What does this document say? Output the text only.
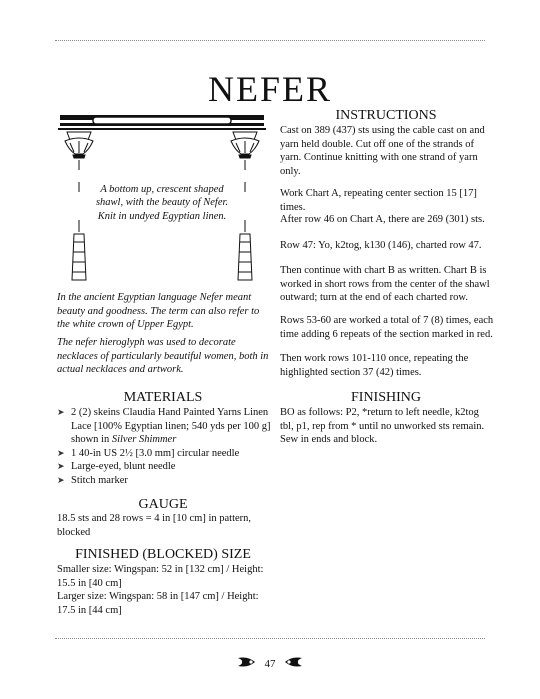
NEFER

A bottom up, crescent shaped shawl, with the beauty of Nefer. Knit in undyed Egyptian linen.

In the ancient Egyptian language Nefer meant beauty and goodness. The term can also refer to the white crown of Upper Egypt.

The nefer hieroglyph was used to decorate necklaces of particularly beautiful women, both in actual necklaces and artwork.

MATERIALS
➤ 2 (2) skeins Claudia Hand Painted Yarns Linen Lace [100% Egyptian linen; 540 yds per 100 g] shown in Silver Shimmer
➤ 1 40-in US 2½ [3.0 mm] circular needle
➤ Large-eyed, blunt needle
➤ Stitch marker
GAUGE

18.5 sts and 28 rows = 4 in [10 cm] in pattern, blocked

FINISHED (BLOCKED) SIZE
Smaller size: Wingspan: 52 in [132 cm] / Height: 15.5 in [40 cm]
Larger size: Wingspan: 58 in [147 cm] / Height: 17.5 in [44 cm]
INSTRUCTIONS

Cast on 389 (437) sts using the cable cast on and yarn held double. Cut off one of the strands of yarn. Continue knitting with one strand of yarn only.

Work Chart A, repeating center section 15 [17] times.

After row 46 on Chart A, there are 269 (301) sts.

Row 47: Yo, k2tog, k130 (146), charted row 47.

Then continue with chart B as written. Chart B is worked in short rows from the center of the shawl outward; turn at the end of each charted row.

Rows 53-60 are worked a total of 7 (8) times, each time adding 6 repeats of the section marked in red.

Then work rows 101-110 once, repeating the highlighted section 37 (42) times.

FINISHING

BO as follows: P2, *return to left needle, k2tog tbl, p1, rep from * until no unworked sts remain. Sew in ends and block.

47
